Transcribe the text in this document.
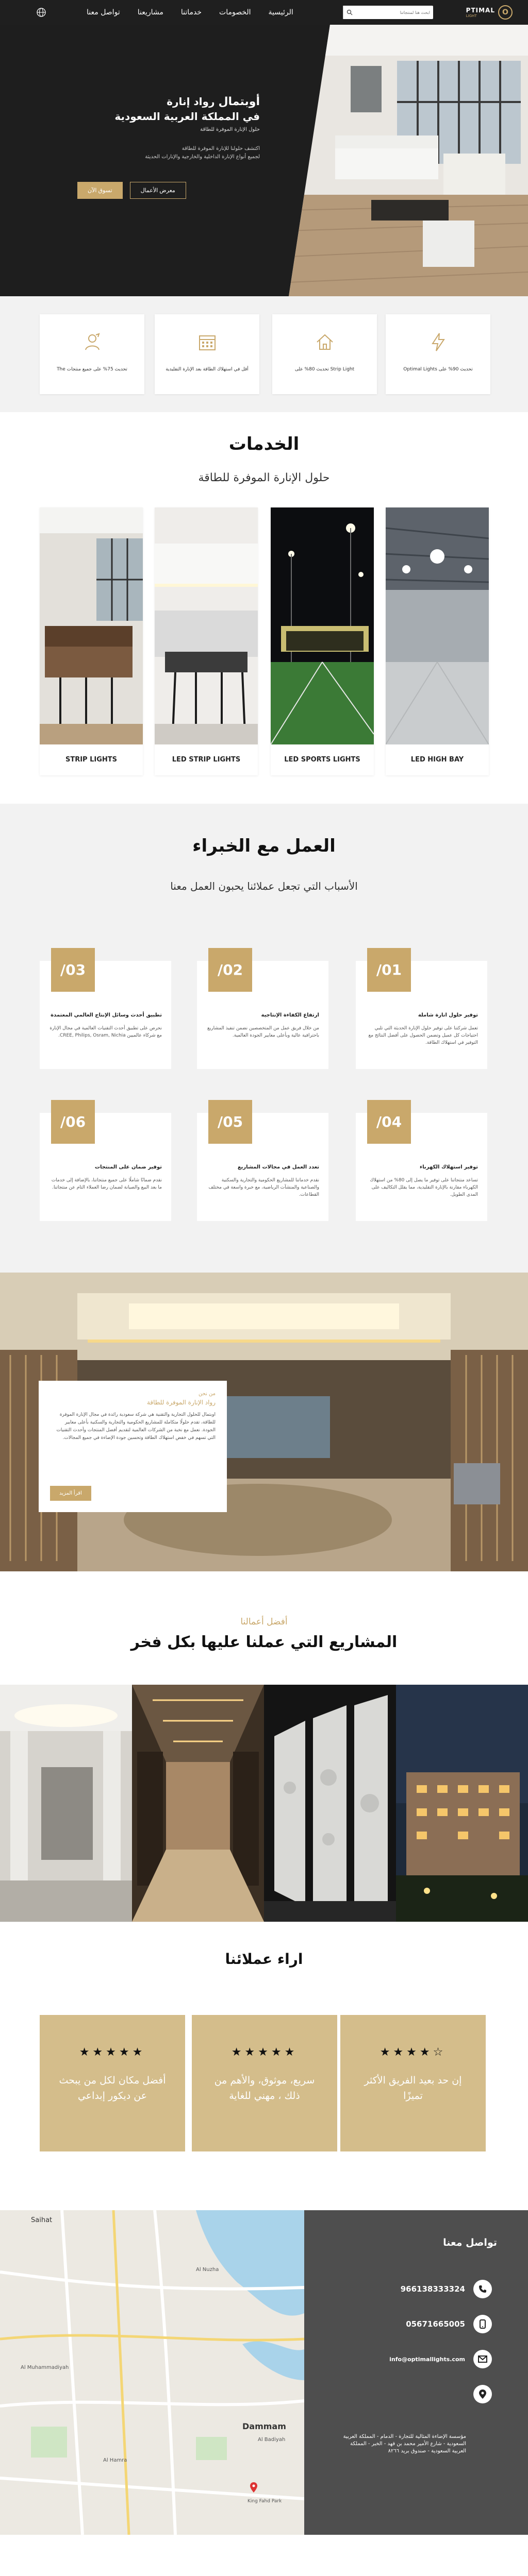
O
PTIMAL
LIGHT
ابحث هنا لمنتجاتنا
الرئيسية
الخصومات
خدماتنا
مشاريعنا
تواصل معنا
أوبتمال رواد إنارة
في المملكة العربية السعودية
حلول الإنارة الموفرة للطاقة
اكتشف حلولنا للإنارة الموفرة للطاقة
لجميع أنواع الإنارة الداخلية والخارجية والإنارات الحديثة
تسوق الآن	معرض الأعمال
تحديث 90% على Optimal Lights
Strip Light تحديث 80% على
أقل في استهلاك الطاقة بعد الإنارة التقليدية
تحديث 75% على جميع منتجات The
الخدمات
حلول الإنارة الموفرة للطاقة
LED HIGH BAY
LED SPORTS LIGHTS
LED STRIP LIGHTS
STRIP LIGHTS
العمل مع الخبراء
الأسباب التي تجعل عملائنا يحبون العمل معنا
/01
توفير حلول انارة شاملة
تعمل شركتنا على توفير حلول الإنارة الحديثة التي تلبي احتياجات كل عميل وتضمن الحصول على أفضل النتائج مع التوفير في استهلاك الطاقة.
/02
ارتفاع الكفاءة الإنتاجية
من خلال فريق عمل من المتخصصين نضمن تنفيذ المشاريع باحترافية عالية وبأعلى معايير الجودة العالمية.
/03
تطبيق أحدث وسائل الإنتاج العالمي المعتمدة
نحرص على تطبيق أحدث التقنيات العالمية في مجال الإنارة مع شركاء عالميين CREE, Philips, Osram, Nichia.
/04
توفير استهلاك الكهرباء
تساعد منتجاتنا على توفير ما يصل إلى 80% من استهلاك الكهرباء مقارنة بالإنارة التقليدية، مما يقلل التكاليف على المدى الطويل.
/05
تعدد العمل في مجالات المشاريع
نقدم خدماتنا للمشاريع الحكومية والتجارية والسكنية والصناعية والمنشآت الرياضية، مع خبرة واسعة في مختلف القطاعات.
/06
توفير ضمان على المنتجات
نقدم ضمانًا شاملًا على جميع منتجاتنا، بالإضافة إلى خدمات ما بعد البيع والصيانة لضمان رضا العملاء التام عن منتجاتنا.
من نحن
رواد الإنارة الموفرة للطاقة
اوبتمال للحلول التجارية والتقنية هي شركة سعودية رائدة في مجال الإنارة الموفرة للطاقة، تقدم حلولًا متكاملة للمشاريع الحكومية والتجارية والسكنية بأعلى معايير الجودة. نعمل مع نخبة من الشركات العالمية لتقديم أفضل المنتجات وأحدث التقنيات التي تسهم في خفض استهلاك الطاقة وتحسين جودة الإضاءة في جميع المجالات.
اقرأ المزيد
أفضل أعمالنا
المشاريع التي عملنا عليها بكل فخر
اراء عملائنا
★★★★☆
إن حد بعيد الفريق الأكثر تميزًا
★★★★★
سريع، موثوق، والأهم من ذلك ، مهني للغاية
★★★★★
أفضل مكان لكل من يبحث عن ديكور إبداعي
Saihat
Al Nuzha
Dammam
Al Badiyah
Al Muhammadiyah
Al Hamra
King Fahd Park
تواصل معنا
966138333324
05671665005
info@optimallights.com
مؤسسة الإضاءة المثالية للتجارة - الدمام - المملكة العربية السعودية - شارع الأمير محمد بن فهد - الخبر - المملكة العربية السعودية - صندوق بريد ٨٢٦٦
